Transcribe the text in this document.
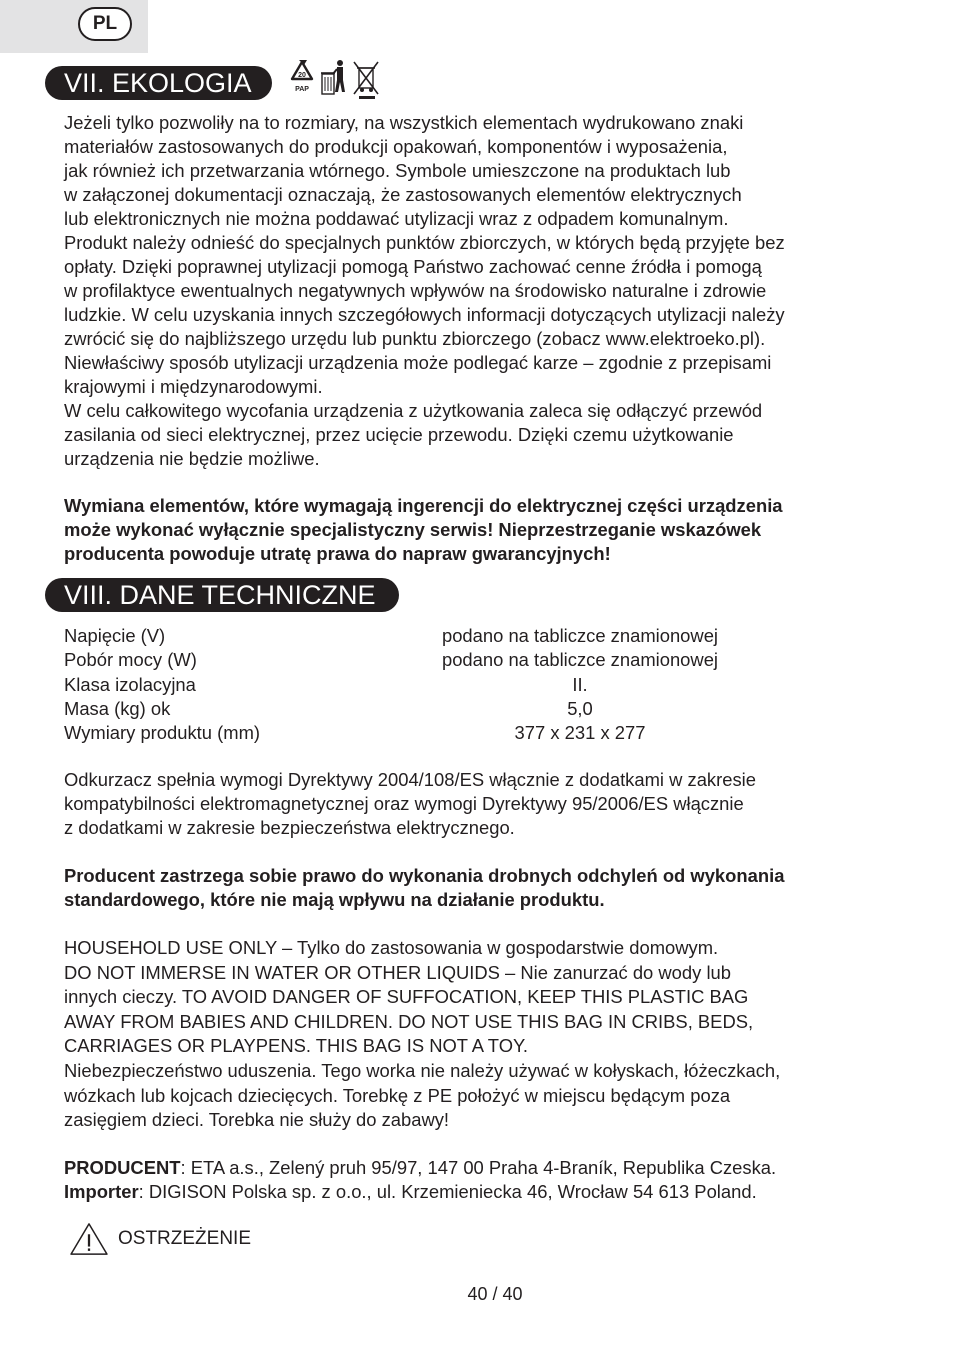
PL
VII. EKOLOGIA	20
PAP
Jeżeli tylko pozwoliły na to rozmiary, na wszystkich elementach wydrukowano znaki
materiałów zastosowanych do produkcji opakowań, komponentów i wyposażenia,
jak również ich przetwarzania wtórnego. Symbole umieszczone na produktach lub
w załączonej dokumentacji oznaczają, że zastosowanych elementów elektrycznych
lub elektronicznych nie można poddawać utylizacji wraz z odpadem komunalnym.
Produkt należy odnieść do specjalnych punktów zbiorczych, w których będą przyjęte bez
opłaty. Dzięki poprawnej utylizacji pomogą Państwo zachować cenne źródła i pomogą
w profilaktyce ewentualnych negatywnych wpływów na środowisko naturalne i zdrowie
ludzkie. W celu uzyskania innych szczegółowych informacji dotyczących utylizacji należy
zwrócić się do najbliższego urzędu lub punktu zbiorczego (zobacz www.elektroeko.pl).
Niewłaściwy sposób utylizacji urządzenia może podlegać karze – zgodnie z przepisami
krajowymi i międzynarodowymi.
W celu całkowitego wycofania urządzenia z użytkowania zaleca się odłączyć przewód
zasilania od sieci elektrycznej, przez ucięcie przewodu. Dzięki czemu użytkowanie
urządzenia nie będzie możliwe.
Wymiana elementów, które wymagają ingerencji do elektrycznej części urządzenia
może wykonać wyłącznie specjalistyczny serwis! Nieprzestrzeganie wskazówek
producenta powoduje utratę prawa do napraw gwarancyjnych!
VIII. DANE TECHNICZNE
Napięcie (V)	podano na tabliczce znamionowej
Pobór mocy (W)	podano na tabliczce znamionowej
Klasa izolacyjna	II.
Masa (kg) ok	5,0
Wymiary produktu (mm)	377 x 231 x 277
Odkurzacz spełnia wymogi Dyrektywy 2004/108/ES włącznie z dodatkami w zakresie
kompatybilności elektromagnetycznej oraz wymogi Dyrektywy 95/2006/ES włącznie
z dodatkami w zakresie bezpieczeństwa elektrycznego.
Producent zastrzega sobie prawo do wykonania drobnych odchyleń od wykonania
standardowego, które nie mają wpływu na działanie produktu.
HOUSEHOLD USE ONLY – Tylko do zastosowania w gospodarstwie domowym.
DO NOT IMMERSE IN WATER OR OTHER LIQUIDS – Nie zanurzać do wody lub
innych cieczy. TO AVOID DANGER OF SUFFOCATION, KEEP THIS PLASTIC BAG
AWAY FROM BABIES AND CHILDREN. DO NOT USE THIS BAG IN CRIBS, BEDS,
CARRIAGES OR PLAYPENS. THIS BAG IS NOT A TOY.
Niebezpieczeństwo uduszenia. Tego worka nie należy używać w kołyskach, łóżeczkach,
wózkach lub kojcach dziecięcych. Torebkę z PE położyć w miejscu będącym poza
zasięgiem dzieci. Torebka nie służy do zabawy!
PRODUCENT: ETA a.s., Zelený pruh 95/97, 147 00 Praha 4-Braník, Republika Czeska.
Importer: DIGISON Polska sp. z o.o., ul. Krzemieniecka 46, Wrocław 54 613 Poland.
OSTRZEŻENIE
40 / 40
